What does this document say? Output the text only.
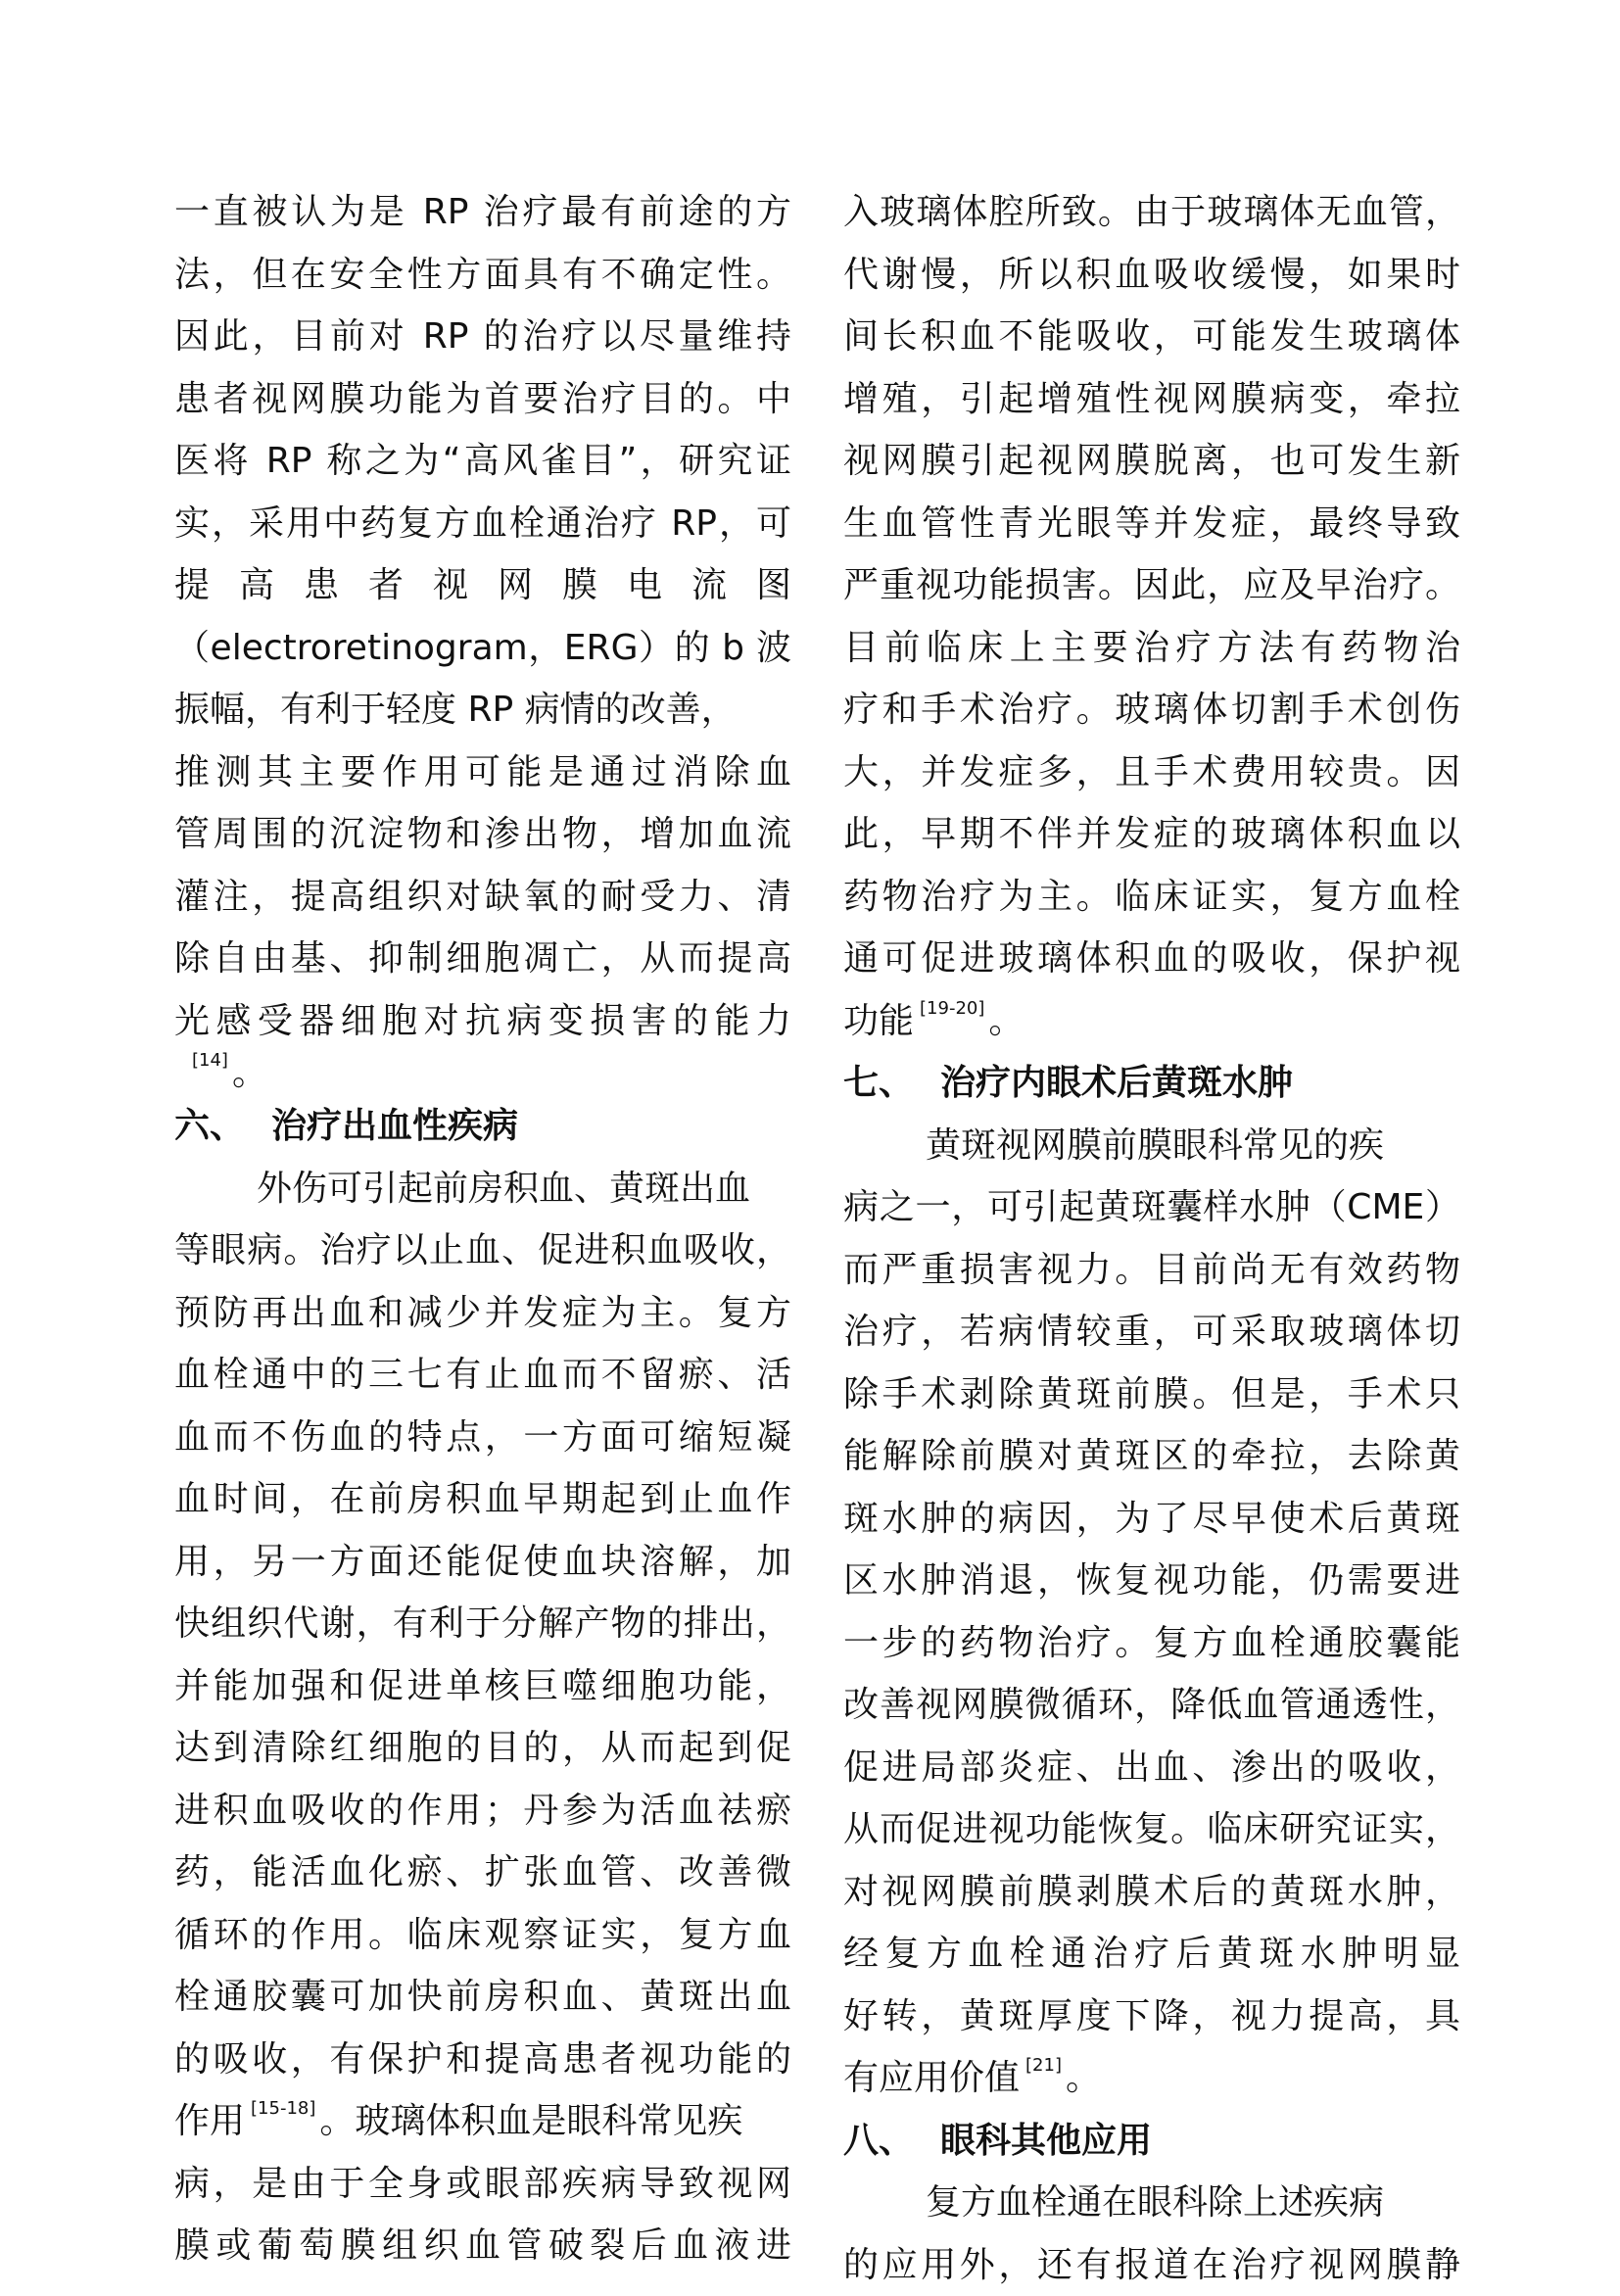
一直被认为是 RP 治疗最有前途的方
法，但在安全性方面具有不确定性。
因此，目前对 RP 的治疗以尽量维持
患者视网膜功能为首要治疗目的。中
医将 RP 称之为“高风雀目”，研究证
实，采用中药复方血栓通治疗 RP，可
提 高 患 者 视 网 膜 电 流 图
（electroretinogram，ERG）的 b 波
振幅，有利于轻度 RP 病情的改善，
推测其主要作用可能是通过消除血
管周围的沉淀物和渗出物，增加血流
灌注，提高组织对缺氧的耐受力、清
除自由基、抑制细胞凋亡，从而提高
光感受器细胞对抗病变损害的能力
[14] 。
六、 治疗出血性疾病
外伤可引起前房积血、黄斑出血
等眼病。治疗以止血、促进积血吸收，
预防再出血和减少并发症为主。复方
血栓通中的三七有止血而不留瘀、活
血而不伤血的特点，一方面可缩短凝
血时间，在前房积血早期起到止血作
用，另一方面还能促使血块溶解，加
快组织代谢，有利于分解产物的排出，
并能加强和促进单核巨噬细胞功能，
达到清除红细胞的目的，从而起到促
进积血吸收的作用；丹参为活血祛瘀
药，能活血化瘀、扩张血管、改善微
循环的作用。临床观察证实，复方血
栓通胶囊可加快前房积血、黄斑出血
的吸收，有保护和提高患者视功能的
作用 [15-18] 。玻璃体积血是眼科常见疾
病，是由于全身或眼部疾病导致视网
膜或葡萄膜组织血管破裂后血液进
入玻璃体腔所致。由于玻璃体无血管，
代谢慢，所以积血吸收缓慢，如果时
间长积血不能吸收，可能发生玻璃体
增殖，引起增殖性视网膜病变，牵拉
视网膜引起视网膜脱离，也可发生新
生血管性青光眼等并发症，最终导致
严重视功能损害。因此，应及早治疗。
目前临床上主要治疗方法有药物治
疗和手术治疗。玻璃体切割手术创伤
大，并发症多，且手术费用较贵。因
此，早期不伴并发症的玻璃体积血以
药物治疗为主。临床证实，复方血栓
通可促进玻璃体积血的吸收，保护视
功能 [19-20] 。
七、 治疗内眼术后黄斑水肿
黄斑视网膜前膜眼科常见的疾
病之一，可引起黄斑囊样水肿（CME）
而严重损害视力。目前尚无有效药物
治疗，若病情较重，可采取玻璃体切
除手术剥除黄斑前膜。但是，手术只
能解除前膜对黄斑区的牵拉，去除黄
斑水肿的病因，为了尽早使术后黄斑
区水肿消退，恢复视功能，仍需要进
一步的药物治疗。复方血栓通胶囊能
改善视网膜微循环，降低血管通透性，
促进局部炎症、出血、渗出的吸收，
从而促进视功能恢复。临床研究证实，
对视网膜前膜剥膜术后的黄斑水肿，
经复方血栓通治疗后黄斑水肿明显
好转，黄斑厚度下降，视力提高，具
有应用价值 [21] 。
八、 眼科其他应用
复方血栓通在眼科除上述疾病
的应用外，还有报道在治疗视网膜静
